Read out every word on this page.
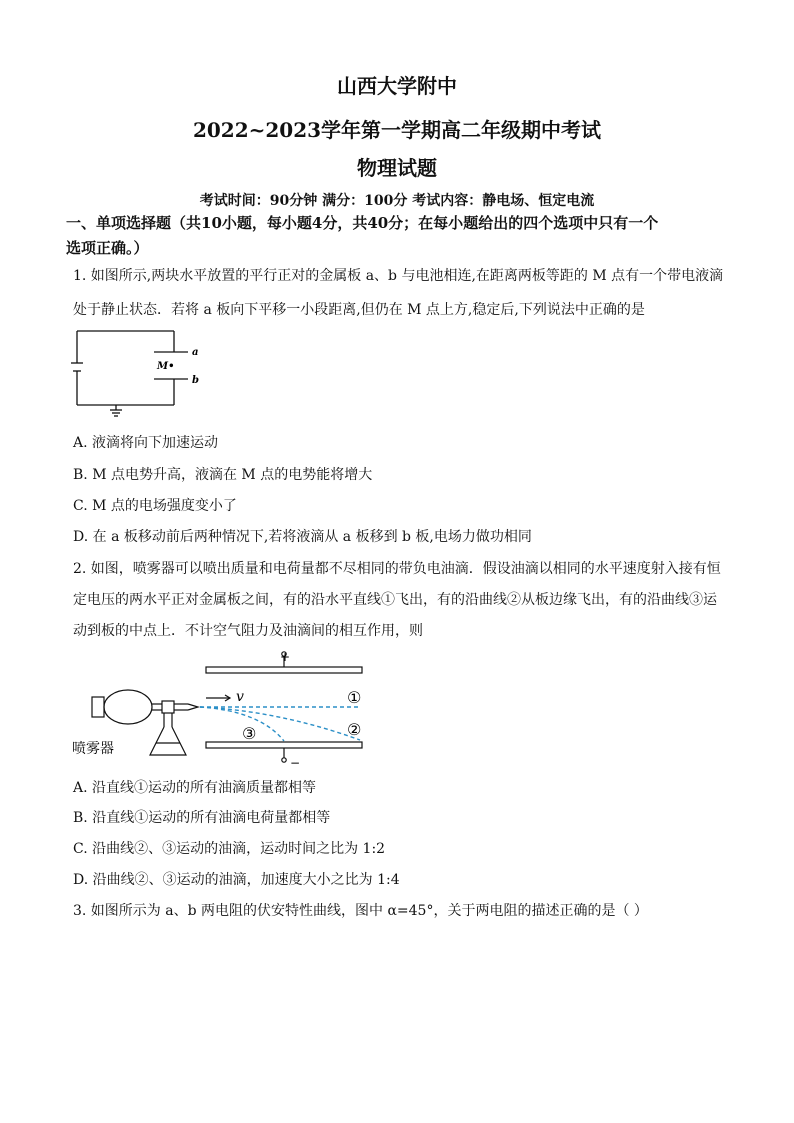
山西大学附中
2022~2023学年第一学期高二年级期中考试
物理试题
考试时间：90分钟 满分：100分 考试内容：静电场、恒定电流
一、单项选择题（共10小题，每小题4分，共40分；在每小题给出的四个选项中只有一个
选项正确。）
1. 如图所示,两块水平放置的平行正对的金属板 a、b 与电池相连,在距离两板等距的 M 点有一个带电液滴
处于静止状态．若将 a 板向下平移一小段距离,但仍在 M 点上方,稳定后,下列说法中正确的是
a
b
M•
A. 液滴将向下加速运动
B. M 点电势升高，液滴在 M 点的电势能将增大
C. M 点的电场强度变小了
D. 在 a 板移动前后两种情况下,若将液滴从 a 板移到 b 板,电场力做功相同
2. 如图，喷雾器可以喷出质量和电荷量都不尽相同的带负电油滴．假设油滴以相同的水平速度射入接有恒
定电压的两水平正对金属板之间，有的沿水平直线①飞出，有的沿曲线②从板边缘飞出，有的沿曲线③运
动到板的中点上．不计空气阻力及油滴间的相互作用，则
+
−
v	①
②
③
喷雾器
A. 沿直线①运动的所有油滴质量都相等
B. 沿直线①运动的所有油滴电荷量都相等
C. 沿曲线②、③运动的油滴，运动时间之比为 1:2
D. 沿曲线②、③运动的油滴，加速度大小之比为 1:4
3. 如图所示为 a、b 两电阻的伏安特性曲线，图中 α=45°，关于两电阻的描述正确的是（ ）
